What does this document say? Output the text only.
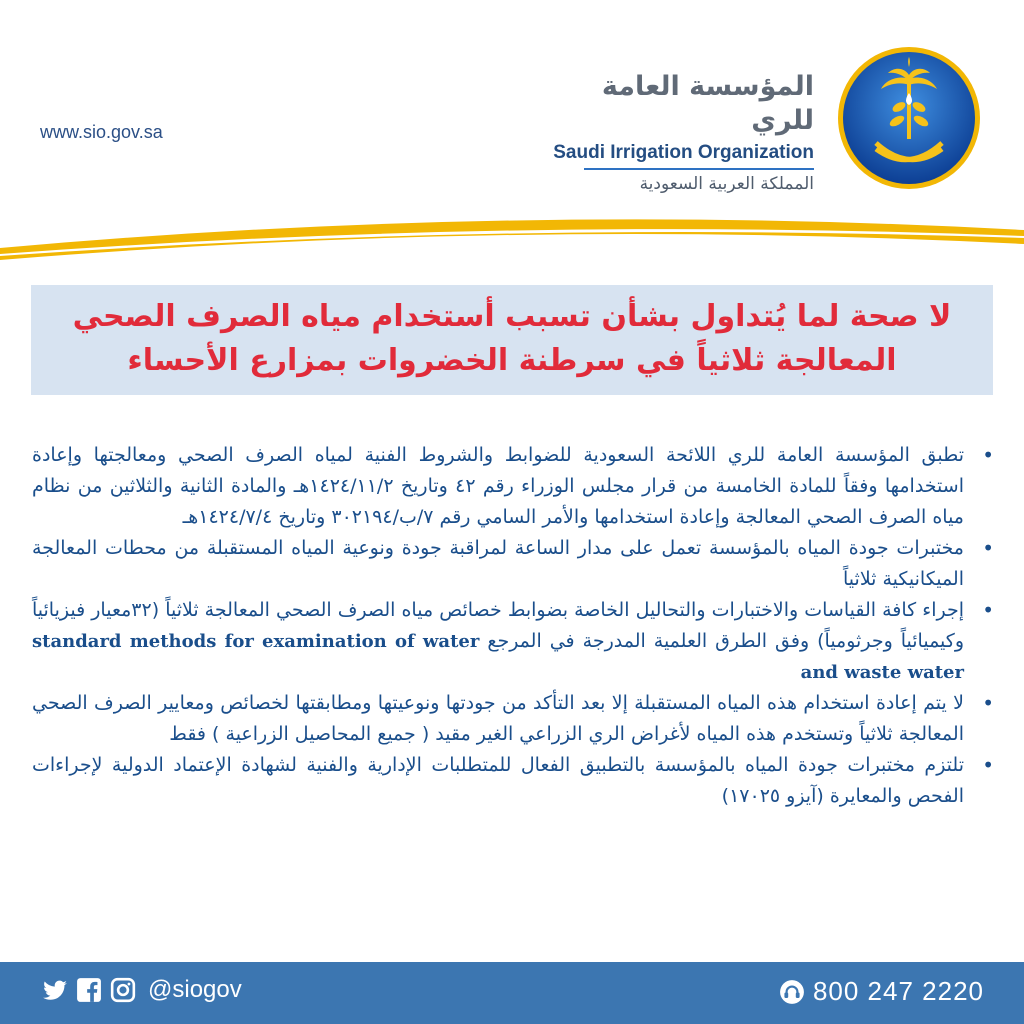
www.sio.gov.sa
المؤسسة العامة للري
Saudi Irrigation Organization
المملكة العربية السعودية
لا صحة لما يُتداول بشأن تسبب أستخدام مياه الصرف الصحي
المعالجة ثلاثياً في سرطنة الخضروات بمزارع الأحساء
• تطبق المؤسسة العامة للري اللائحة السعودية للضوابط والشروط الفنية لمياه الصرف الصحي ومعالجتها وإعادة استخدامها وفقاً للمادة الخامسة من قرار مجلس الوزراء رقم ٤٢ وتاريخ ١٤٢٤/١١/٢هـ والمادة الثانية والثلاثين من نظام مياه الصرف الصحي المعالجة وإعادة استخدامها والأمر السامي رقم ٧/ب/٣٠٢١٩٤ وتاريخ ١٤٢٤/٧/٤هـ
• مختبرات جودة المياه بالمؤسسة تعمل على مدار الساعة لمراقبة جودة ونوعية المياه المستقبلة من محطات المعالجة الميكانيكية ثلاثياً
• إجراء كافة القياسات والاختبارات والتحاليل الخاصة بضوابط خصائص مياه الصرف الصحي المعالجة ثلاثياً (٣٢معيار فيزيائياً وكيميائياً وجرثومياً) وفق الطرق العلمية المدرجة في المرجع standard methods for examination of water and waste water
• لا يتم إعادة استخدام هذه المياه المستقبلة إلا بعد التأكد من جودتها ونوعيتها ومطابقتها لخصائص ومعايير الصرف الصحي المعالجة ثلاثياً وتستخدم هذه المياه لأغراض الري الزراعي الغير مقيد ( جميع المحاصيل الزراعية ) فقط
• تلتزم مختبرات جودة المياه بالمؤسسة بالتطبيق الفعال للمتطلبات الإدارية والفنية لشهادة الإعتماد الدولية لإجراءات الفحص والمعايرة (آيزو ١٧٠٢٥)
@siogov	800 247 2220
